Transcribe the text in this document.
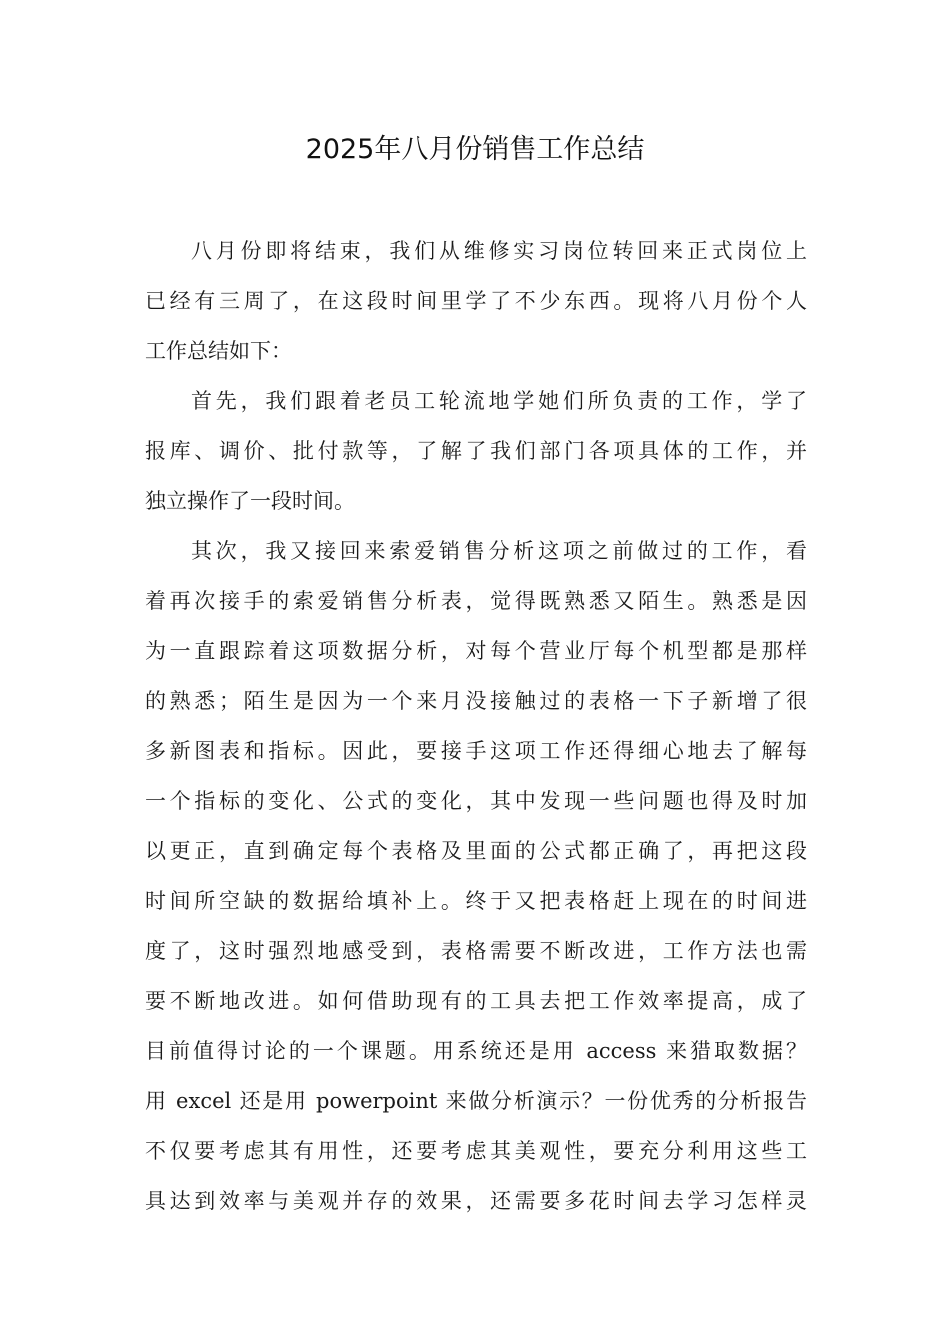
2025年八月份销售工作总结

八月份即将结束，我们从维修实习岗位转回来正式岗位上
已经有三周了，在这段时间里学了不少东西。现将八月份个人
工作总结如下：

首先，我们跟着老员工轮流地学她们所负责的工作，学了
报库、调价、批付款等，了解了我们部门各项具体的工作，并
独立操作了一段时间。

其次，我又接回来索爱销售分析这项之前做过的工作，看
着再次接手的索爱销售分析表，觉得既熟悉又陌生。熟悉是因
为一直跟踪着这项数据分析，对每个营业厅每个机型都是那样
的熟悉；陌生是因为一个来月没接触过的表格一下子新增了很
多新图表和指标。因此，要接手这项工作还得细心地去了解每
一个指标的变化、公式的变化，其中发现一些问题也得及时加
以更正，直到确定每个表格及里面的公式都正确了，再把这段
时间所空缺的数据给填补上。终于又把表格赶上现在的时间进
度了，这时强烈地感受到，表格需要不断改进，工作方法也需
要不断地改进。如何借助现有的工具去把工作效率提高，成了
目前值得讨论的一个课题。用系统还是用 access 来猎取数据？
用 excel 还是用 powerpoint 来做分析演示？一份优秀的分析报告
不仅要考虑其有用性，还要考虑其美观性，要充分利用这些工
具达到效率与美观并存的效果，还需要多花时间去学习怎样灵
